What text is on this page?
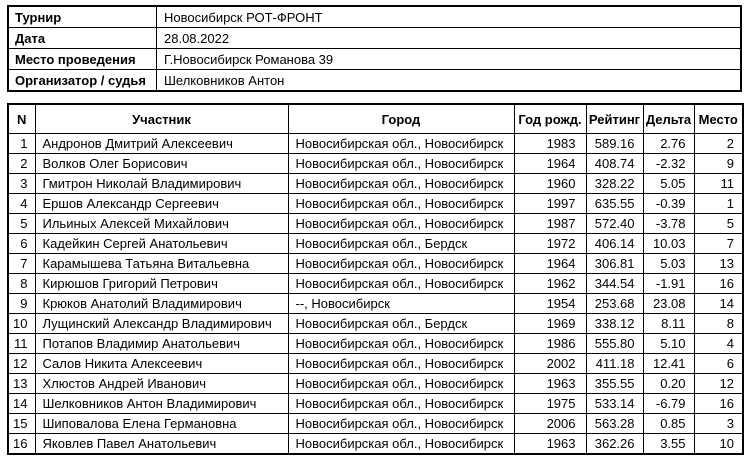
Турнир	Новосибирск РОТ-ФРОНТ
Дата	28.08.2022
Место проведения	Г.Новосибирск Романова 39
Организатор / судья	Шелковников Антон
N	Участник	Город	Год рожд.	Рейтинг	Дельта	Место
1	Андронов Дмитрий Алексеевич	Новосибирская обл., Новосибирск	1983	589.16	2.76	2
2	Волков Олег Борисович	Новосибирская обл., Новосибирск	1964	408.74	-2.32	9
3	Гмитрон Николай Владимирович	Новосибирская обл., Новосибирск	1960	328.22	5.05	11
4	Ершов Александр Сергеевич	Новосибирская обл., Новосибирск	1997	635.55	-0.39	1
5	Ильиных Алексей Михайлович	Новосибирская обл., Новосибирск	1987	572.40	-3.78	5
6	Кадейкин Сергей Анатольевич	Новосибирская обл., Бердск	1972	406.14	10.03	7
7	Карамышева Татьяна Витальевна	Новосибирская обл., Новосибирск	1964	306.81	5.03	13
8	Кирюшов Григорий Петрович	Новосибирская обл., Новосибирск	1962	344.54	-1.91	16
9	Крюков Анатолий Владимирович	--, Новосибирск	1954	253.68	23.08	14
10	Лущинский Александр Владимирович	Новосибирская обл., Бердск	1969	338.12	8.11	8
11	Потапов Владимир Анатольевич	Новосибирская обл., Новосибирск	1986	555.80	5.10	4
12	Салов Никита Алексеевич	Новосибирская обл., Новосибирск	2002	411.18	12.41	6
13	Хлюстов Андрей Иванович	Новосибирская обл., Новосибирск	1963	355.55	0.20	12
14	Шелковников Антон Владимирович	Новосибирская обл., Новосибирск	1975	533.14	-6.79	16
15	Шиповалова Елена Германовна	Новосибирская обл., Новосибирск	2006	563.28	0.85	3
16	Яковлев Павел Анатольевич	Новосибирская обл., Новосибирск	1963	362.26	3.55	10
